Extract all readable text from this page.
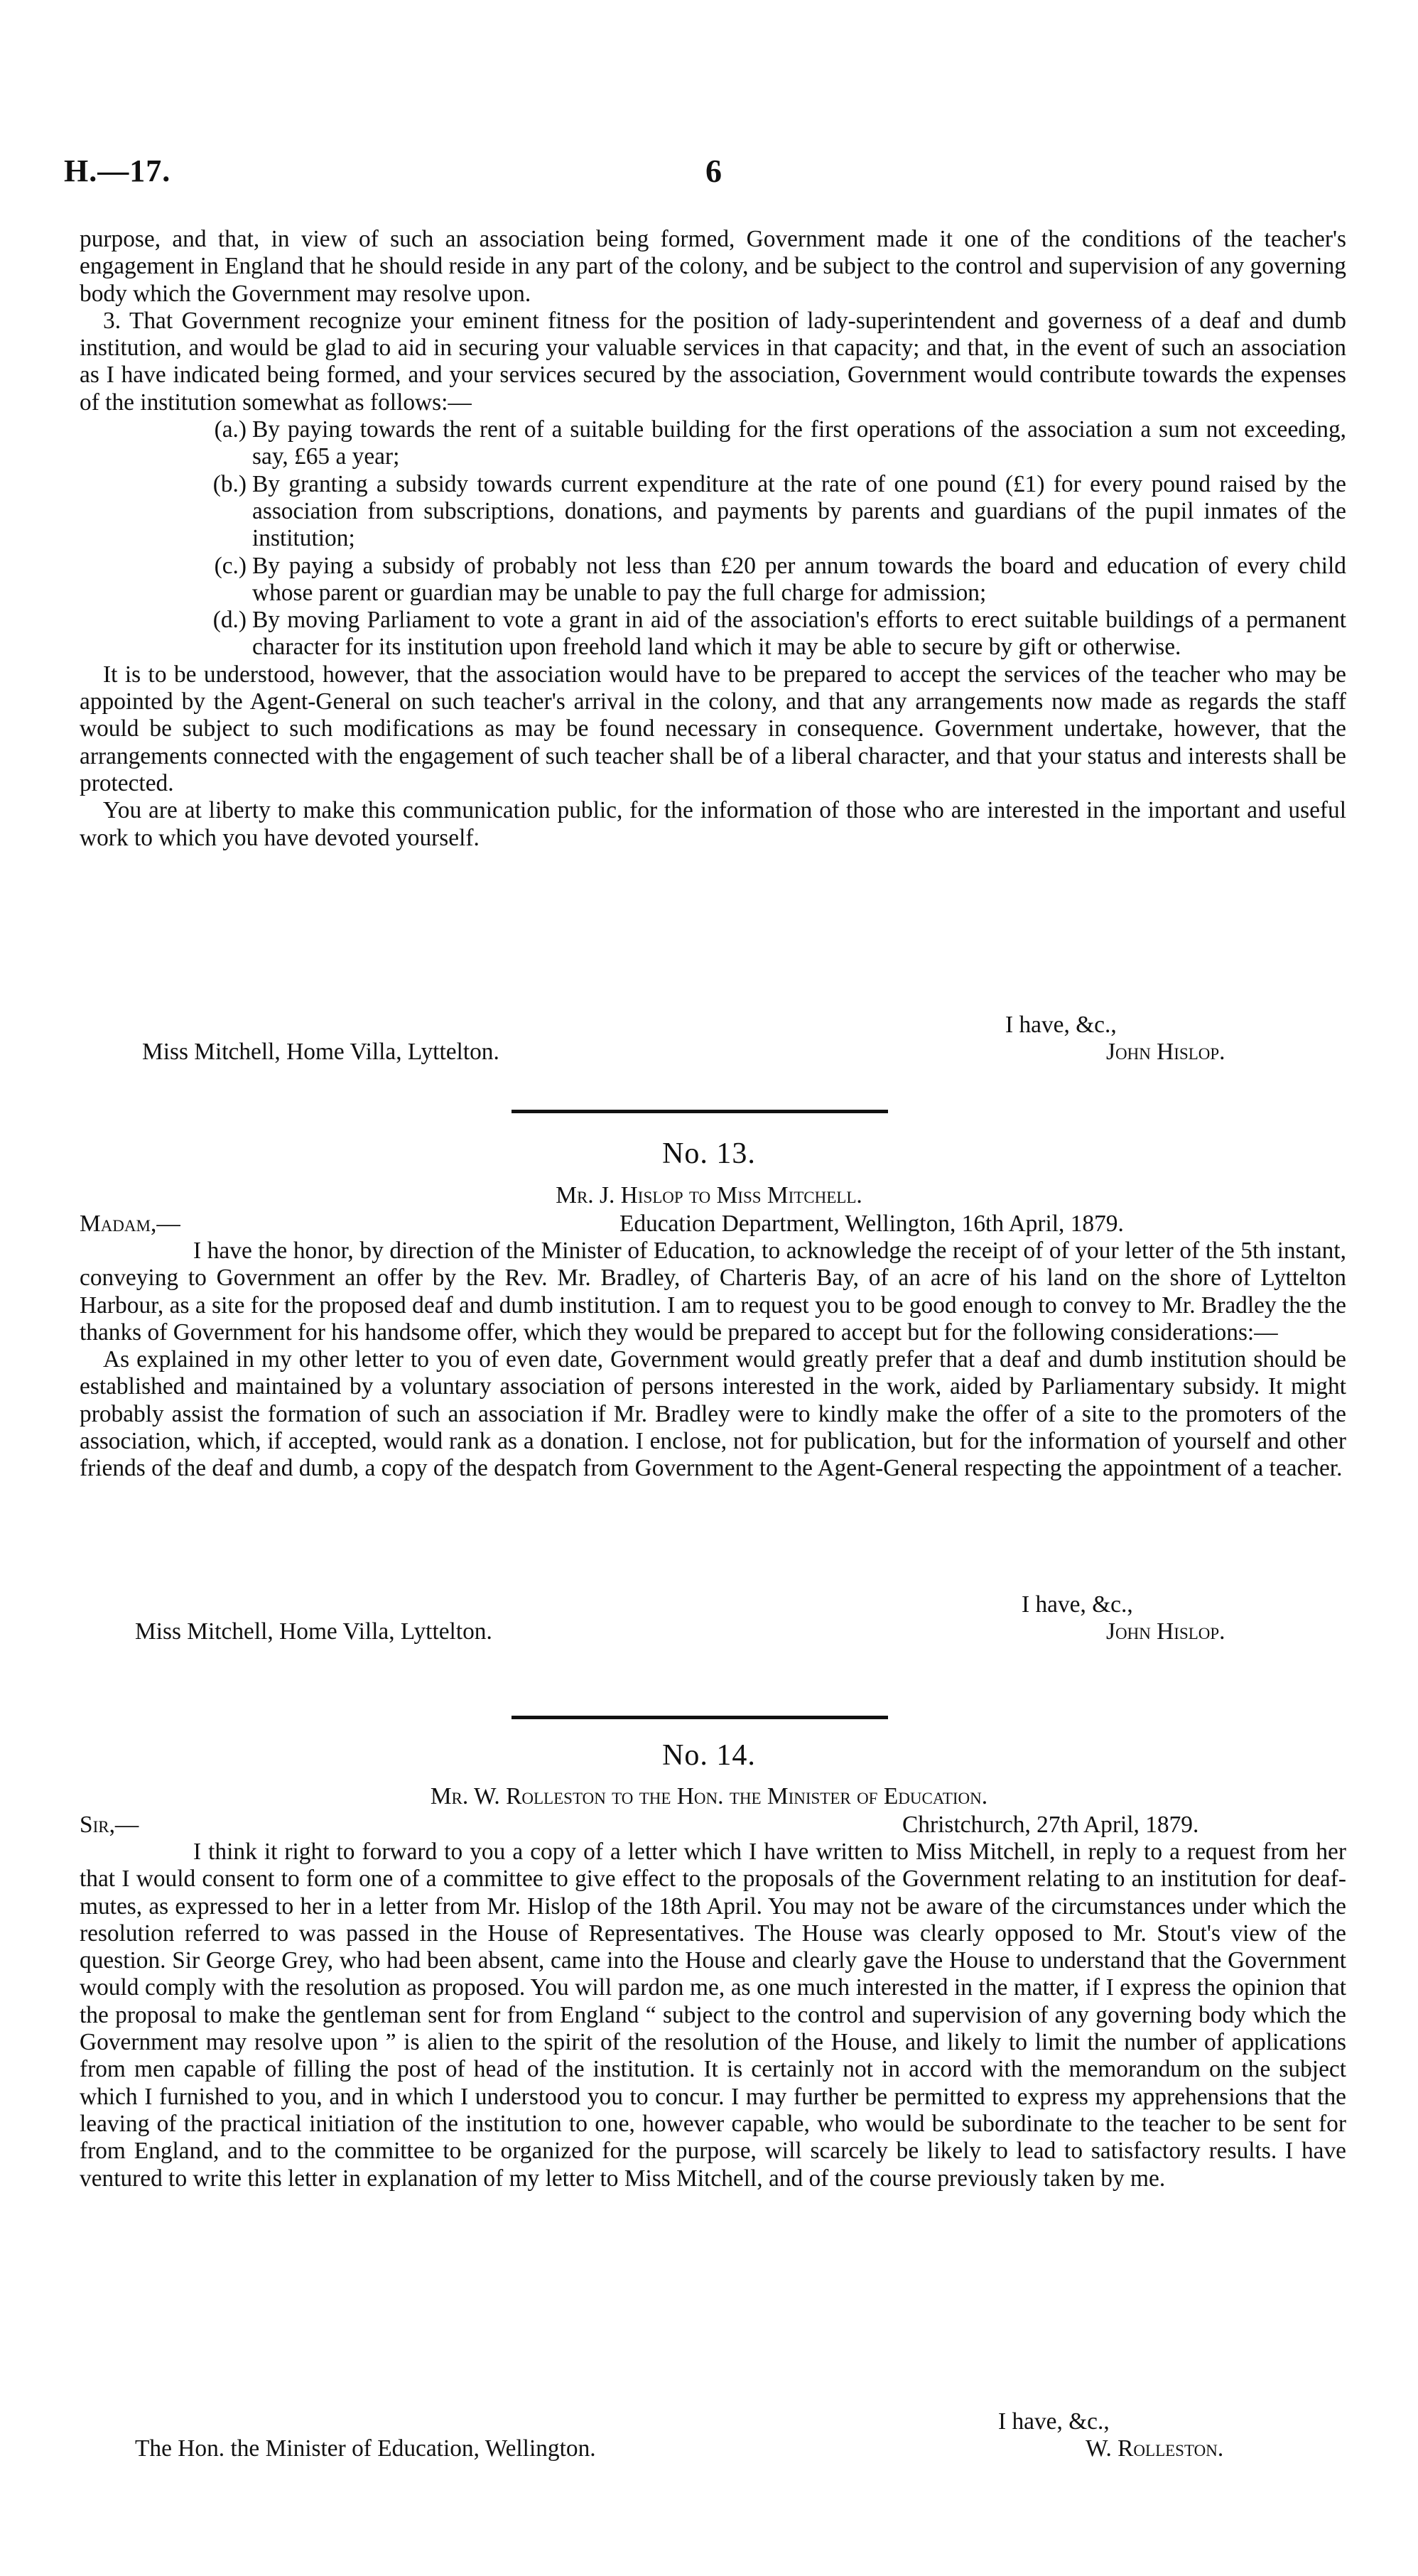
H.—17.	6

purpose, and that, in view of such an association being formed, Government made it one of the conditions of the teacher's engagement in England that he should reside in any part of the colony, and be subject to the control and supervision of any governing body which the Government may resolve upon.

3. That Government recognize your eminent fitness for the position of lady-superintendent and governess of a deaf and dumb institution, and would be glad to aid in securing your valuable services in that capacity; and that, in the event of such an association as I have indicated being formed, and your services secured by the association, Government would contribute towards the expenses of the institution somewhat as follows:—

(a.) By paying towards the rent of a suitable building for the first operations of the association a sum not exceeding, say, £65 a year;
(b.) By granting a subsidy towards current expenditure at the rate of one pound (£1) for every pound raised by the association from subscriptions, donations, and payments by parents and guardians of the pupil inmates of the institution;
(c.) By paying a subsidy of probably not less than £20 per annum towards the board and education of every child whose parent or guardian may be unable to pay the full charge for admission;
(d.) By moving Parliament to vote a grant in aid of the association's efforts to erect suitable buildings of a permanent character for its institution upon freehold land which it may be able to secure by gift or otherwise.

It is to be understood, however, that the association would have to be prepared to accept the services of the teacher who may be appointed by the Agent-General on such teacher's arrival in the colony, and that any arrangements now made as regards the staff would be subject to such modifications as may be found necessary in consequence. Government undertake, however, that the arrangements connected with the engagement of such teacher shall be of a liberal character, and that your status and interests shall be protected.

You are at liberty to make this communication public, for the information of those who are interested in the important and useful work to which you have devoted yourself.

I have, &c.,
Miss Mitchell, Home Villa, Lyttelton.	John Hislop.
No. 13.
Mr. J. Hislop to Miss Mitchell.
Madam,—	Education Department, Wellington, 16th April, 1879.

I have the honor, by direction of the Minister of Education, to acknowledge the receipt of of your letter of the 5th instant, conveying to Government an offer by the Rev. Mr. Bradley, of Charteris Bay, of an acre of his land on the shore of Lyttelton Harbour, as a site for the proposed deaf and dumb institution. I am to request you to be good enough to convey to Mr. Bradley the the thanks of Government for his handsome offer, which they would be prepared to accept but for the following considerations:—

As explained in my other letter to you of even date, Government would greatly prefer that a deaf and dumb institution should be established and maintained by a voluntary association of persons interested in the work, aided by Parliamentary subsidy. It might probably assist the formation of such an association if Mr. Bradley were to kindly make the offer of a site to the promoters of the association, which, if accepted, would rank as a donation. I enclose, not for publication, but for the information of yourself and other friends of the deaf and dumb, a copy of the despatch from Government to the Agent-General respecting the appointment of a teacher.

I have, &c.,
Miss Mitchell, Home Villa, Lyttelton.	John Hislop.
No. 14.
Mr. W. Rolleston to the Hon. the Minister of Education.
Sir,—	Christchurch, 27th April, 1879.

I think it right to forward to you a copy of a letter which I have written to Miss Mitchell, in reply to a request from her that I would consent to form one of a committee to give effect to the proposals of the Government relating to an institution for deaf-mutes, as expressed to her in a letter from Mr. Hislop of the 18th April. You may not be aware of the circumstances under which the resolution referred to was passed in the House of Representatives. The House was clearly opposed to Mr. Stout's view of the question. Sir George Grey, who had been absent, came into the House and clearly gave the House to understand that the Government would comply with the resolution as proposed. You will pardon me, as one much interested in the matter, if I express the opinion that the proposal to make the gentleman sent for from England “ subject to the control and supervision of any governing body which the Government may resolve upon ” is alien to the spirit of the resolution of the House, and likely to limit the number of applications from men capable of filling the post of head of the institution. It is certainly not in accord with the memorandum on the subject which I furnished to you, and in which I understood you to concur. I may further be permitted to express my apprehensions that the leaving of the practical initiation of the institution to one, however capable, who would be subordinate to the teacher to be sent for from England, and to the committee to be organized for the purpose, will scarcely be likely to lead to satisfactory results. I have ventured to write this letter in explanation of my letter to Miss Mitchell, and of the course previously taken by me.

I have, &c.,
The Hon. the Minister of Education, Wellington.	W. Rolleston.
